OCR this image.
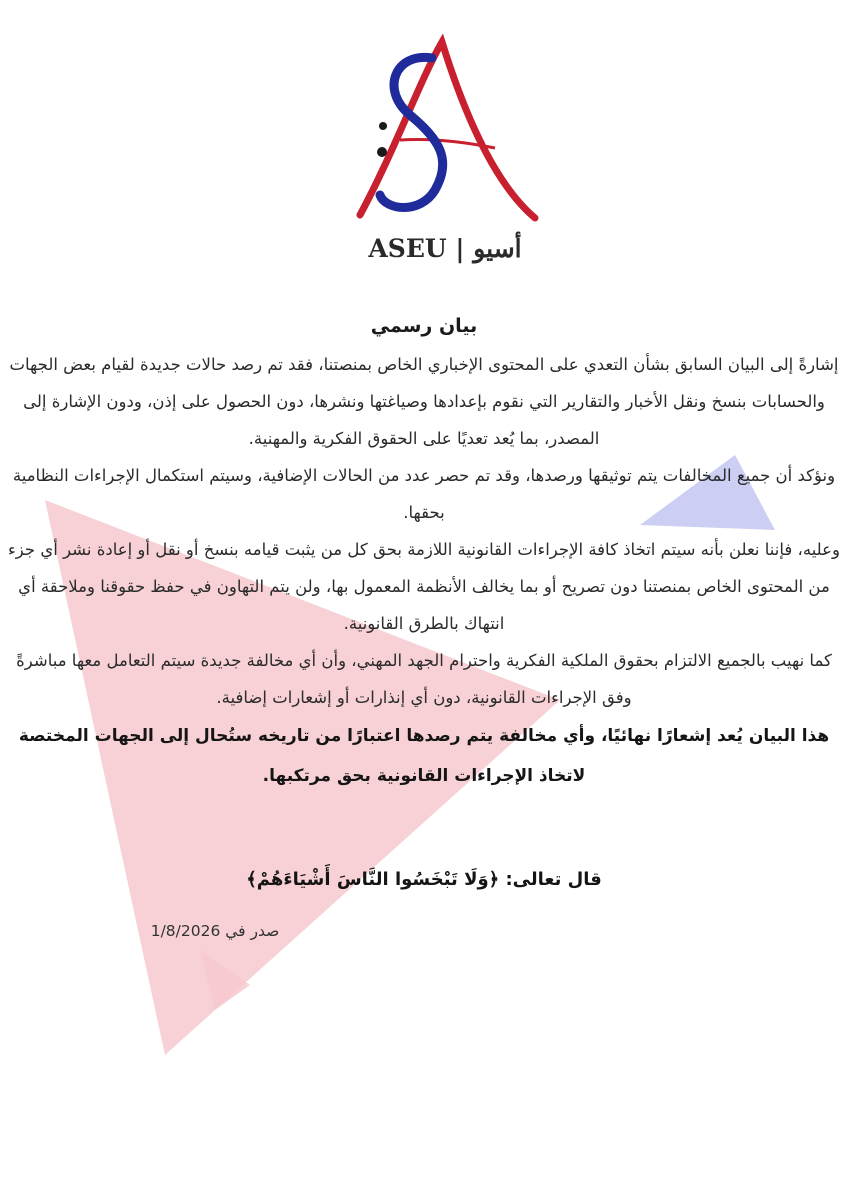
ASEU | أسيو
بيان رسمي

إشارةً إلى البيان السابق بشأن التعدي على المحتوى الإخباري الخاص بمنصتنا، فقد تم رصد حالات جديدة لقيام بعض الجهات والحسابات بنسخ ونقل الأخبار والتقارير التي نقوم بإعدادها وصياغتها ونشرها، دون الحصول على إذن، ودون الإشارة إلى المصدر، بما يُعد تعديًا على الحقوق الفكرية والمهنية.

ونؤكد أن جميع المخالفات يتم توثيقها ورصدها، وقد تم حصر عدد من الحالات الإضافية، وسيتم استكمال الإجراءات النظامية بحقها.

وعليه، فإننا نعلن بأنه سيتم اتخاذ كافة الإجراءات القانونية اللازمة بحق كل من يثبت قيامه بنسخ أو نقل أو إعادة نشر أي جزء من المحتوى الخاص بمنصتنا دون تصريح أو بما يخالف الأنظمة المعمول بها، ولن يتم التهاون في حفظ حقوقنا وملاحقة أي انتهاك بالطرق القانونية.

كما نهيب بالجميع الالتزام بحقوق الملكية الفكرية واحترام الجهد المهني، وأن أي مخالفة جديدة سيتم التعامل معها مباشرةً وفق الإجراءات القانونية، دون أي إنذارات أو إشعارات إضافية.

هذا البيان يُعد إشعارًا نهائيًا، وأي مخالفة يتم رصدها اعتبارًا من تاريخه ستُحال إلى الجهات المختصة لاتخاذ الإجراءات القانونية بحق مرتكبها.

قال تعالى: ﴿وَلَا تَبْخَسُوا النَّاسَ أَشْيَاءَهُمْ﴾
صدر في 1/8/2026
